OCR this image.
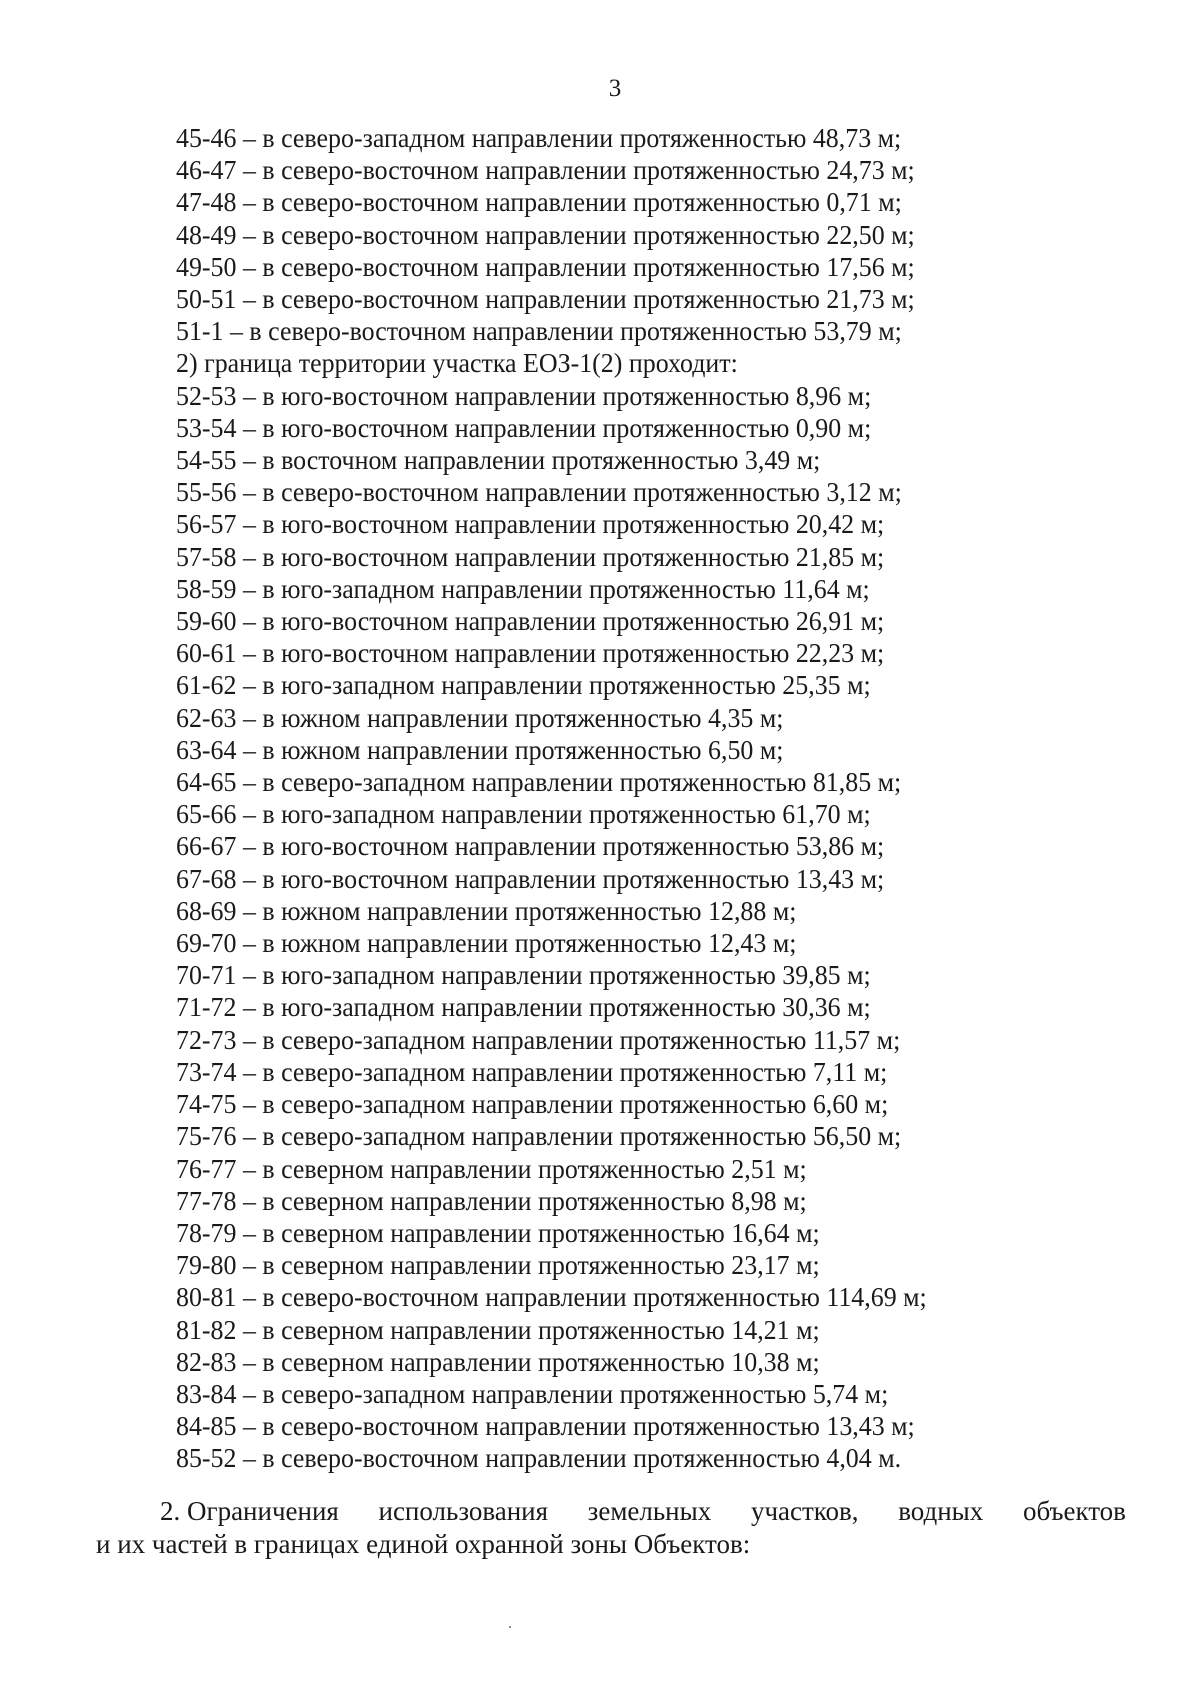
3
45-46 – в северо-западном направлении протяженностью 48,73 м;
46-47 – в северо-восточном направлении протяженностью 24,73 м;
47-48 – в северо-восточном направлении протяженностью 0,71 м;
48-49 – в северо-восточном направлении протяженностью 22,50 м;
49-50 – в северо-восточном направлении протяженностью 17,56 м;
50-51 – в северо-восточном направлении протяженностью 21,73 м;
51-1 – в северо-восточном направлении протяженностью 53,79 м;
2) граница территории участка ЕОЗ-1(2) проходит:
52-53 – в юго-восточном направлении протяженностью 8,96 м;
53-54 – в юго-восточном направлении протяженностью 0,90 м;
54-55 – в восточном направлении протяженностью 3,49 м;
55-56 – в северо-восточном направлении протяженностью 3,12 м;
56-57 – в юго-восточном направлении протяженностью 20,42 м;
57-58 – в юго-восточном направлении протяженностью 21,85 м;
58-59 – в юго-западном направлении протяженностью 11,64 м;
59-60 – в юго-восточном направлении протяженностью 26,91 м;
60-61 – в юго-восточном направлении протяженностью 22,23 м;
61-62 – в юго-западном направлении протяженностью 25,35 м;
62-63 – в южном направлении протяженностью 4,35 м;
63-64 – в южном направлении протяженностью 6,50 м;
64-65 – в северо-западном направлении протяженностью 81,85 м;
65-66 – в юго-западном направлении протяженностью 61,70 м;
66-67 – в юго-восточном направлении протяженностью 53,86 м;
67-68 – в юго-восточном направлении протяженностью 13,43 м;
68-69 – в южном направлении протяженностью 12,88 м;
69-70 – в южном направлении протяженностью 12,43 м;
70-71 – в юго-западном направлении протяженностью 39,85 м;
71-72 – в юго-западном направлении протяженностью 30,36 м;
72-73 – в северо-западном направлении протяженностью 11,57 м;
73-74 – в северо-западном направлении протяженностью 7,11 м;
74-75 – в северо-западном направлении протяженностью 6,60 м;
75-76 – в северо-западном направлении протяженностью 56,50 м;
76-77 – в северном направлении протяженностью 2,51 м;
77-78 – в северном направлении протяженностью 8,98 м;
78-79 – в северном направлении протяженностью 16,64 м;
79-80 – в северном направлении протяженностью 23,17 м;
80-81 – в северо-восточном направлении протяженностью 114,69 м;
81-82 – в северном направлении протяженностью 14,21 м;
82-83 – в северном направлении протяженностью 10,38 м;
83-84 – в северо-западном направлении протяженностью 5,74 м;
84-85 – в северо-восточном направлении протяженностью 13,43 м;
85-52 – в северо-восточном направлении протяженностью 4,04 м.
2. Ограничения использования земельных участков, водных объектов
и их частей в границах единой охранной зоны Объектов:
